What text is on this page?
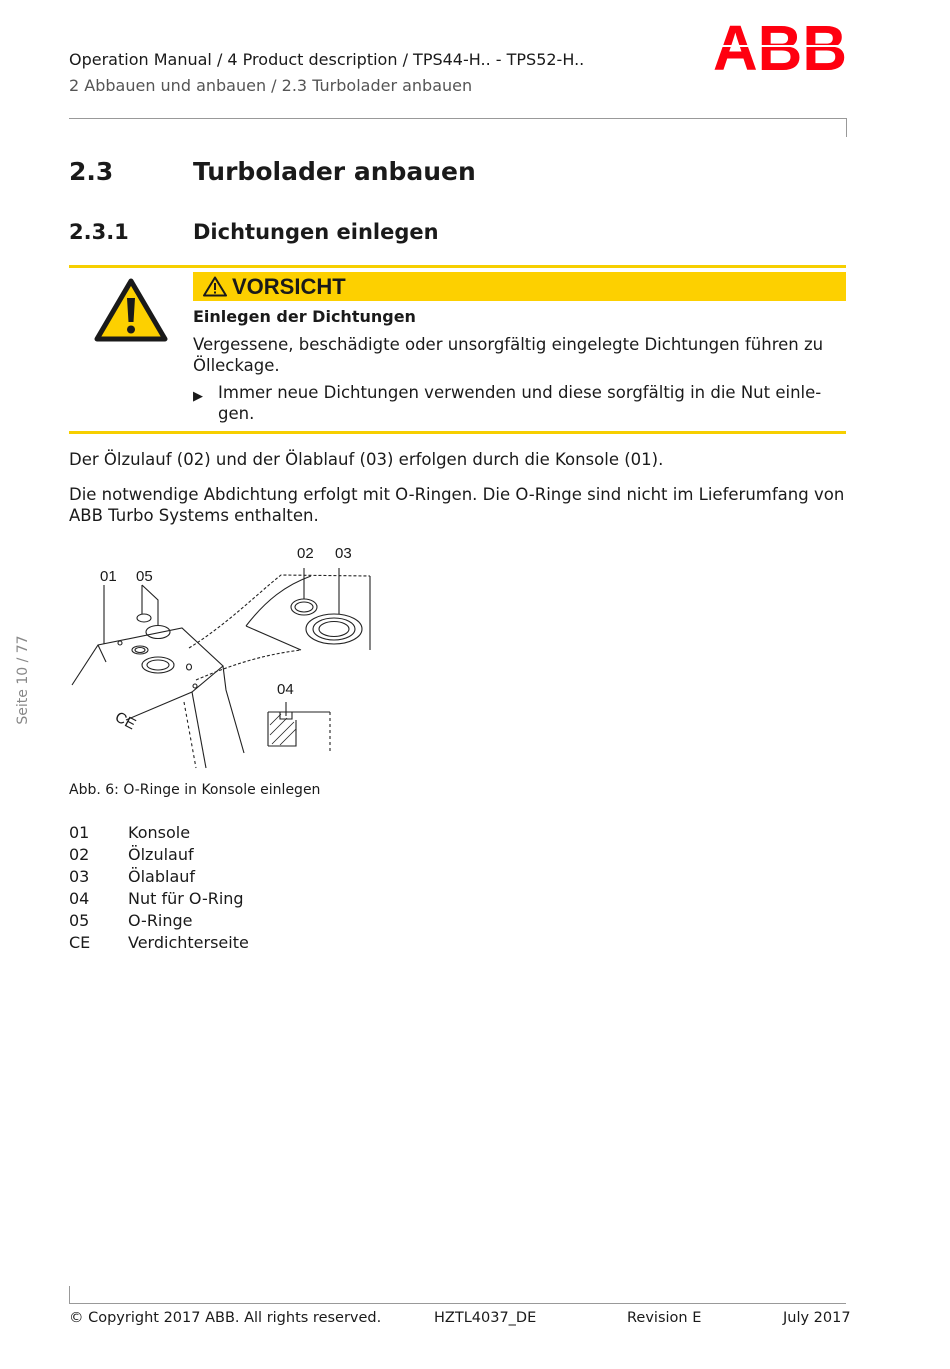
Operation Manual / 4 Product description / TPS44-H.. - TPS52-H..
2 Abbauen und anbauen / 2.3 Turbolader anbauen
ABB
Seite 10 / 77
2.3	Turbolader anbauen
2.3.1	Dichtungen einlegen
VORSICHT
Einlegen der Dichtungen
Vergessene, beschädigte oder unsorgfältig eingelegte Dichtungen führen zu Ölleckage.
▶ Immer neue Dichtungen verwenden und diese sorgfältig in die Nut einle-gen.
Der Ölzulauf (02) und der Ölablauf (03) erfolgen durch die Konsole (01).
Die notwendige Abdichtung erfolgt mit O-Ringen. Die O-Ringe sind nicht im Lieferumfang von ABB Turbo Systems enthalten.
01 05
02 03
04
CE
Abb. 6: O-Ringe in Konsole einlegen
01	Konsole
02	Ölzulauf
03	Ölablauf
04	Nut für O-Ring
05	O-Ringe
CE	Verdichterseite
© Copyright 2017 ABB. All rights reserved.	HZTL4037_DE	Revision E	July 2017
